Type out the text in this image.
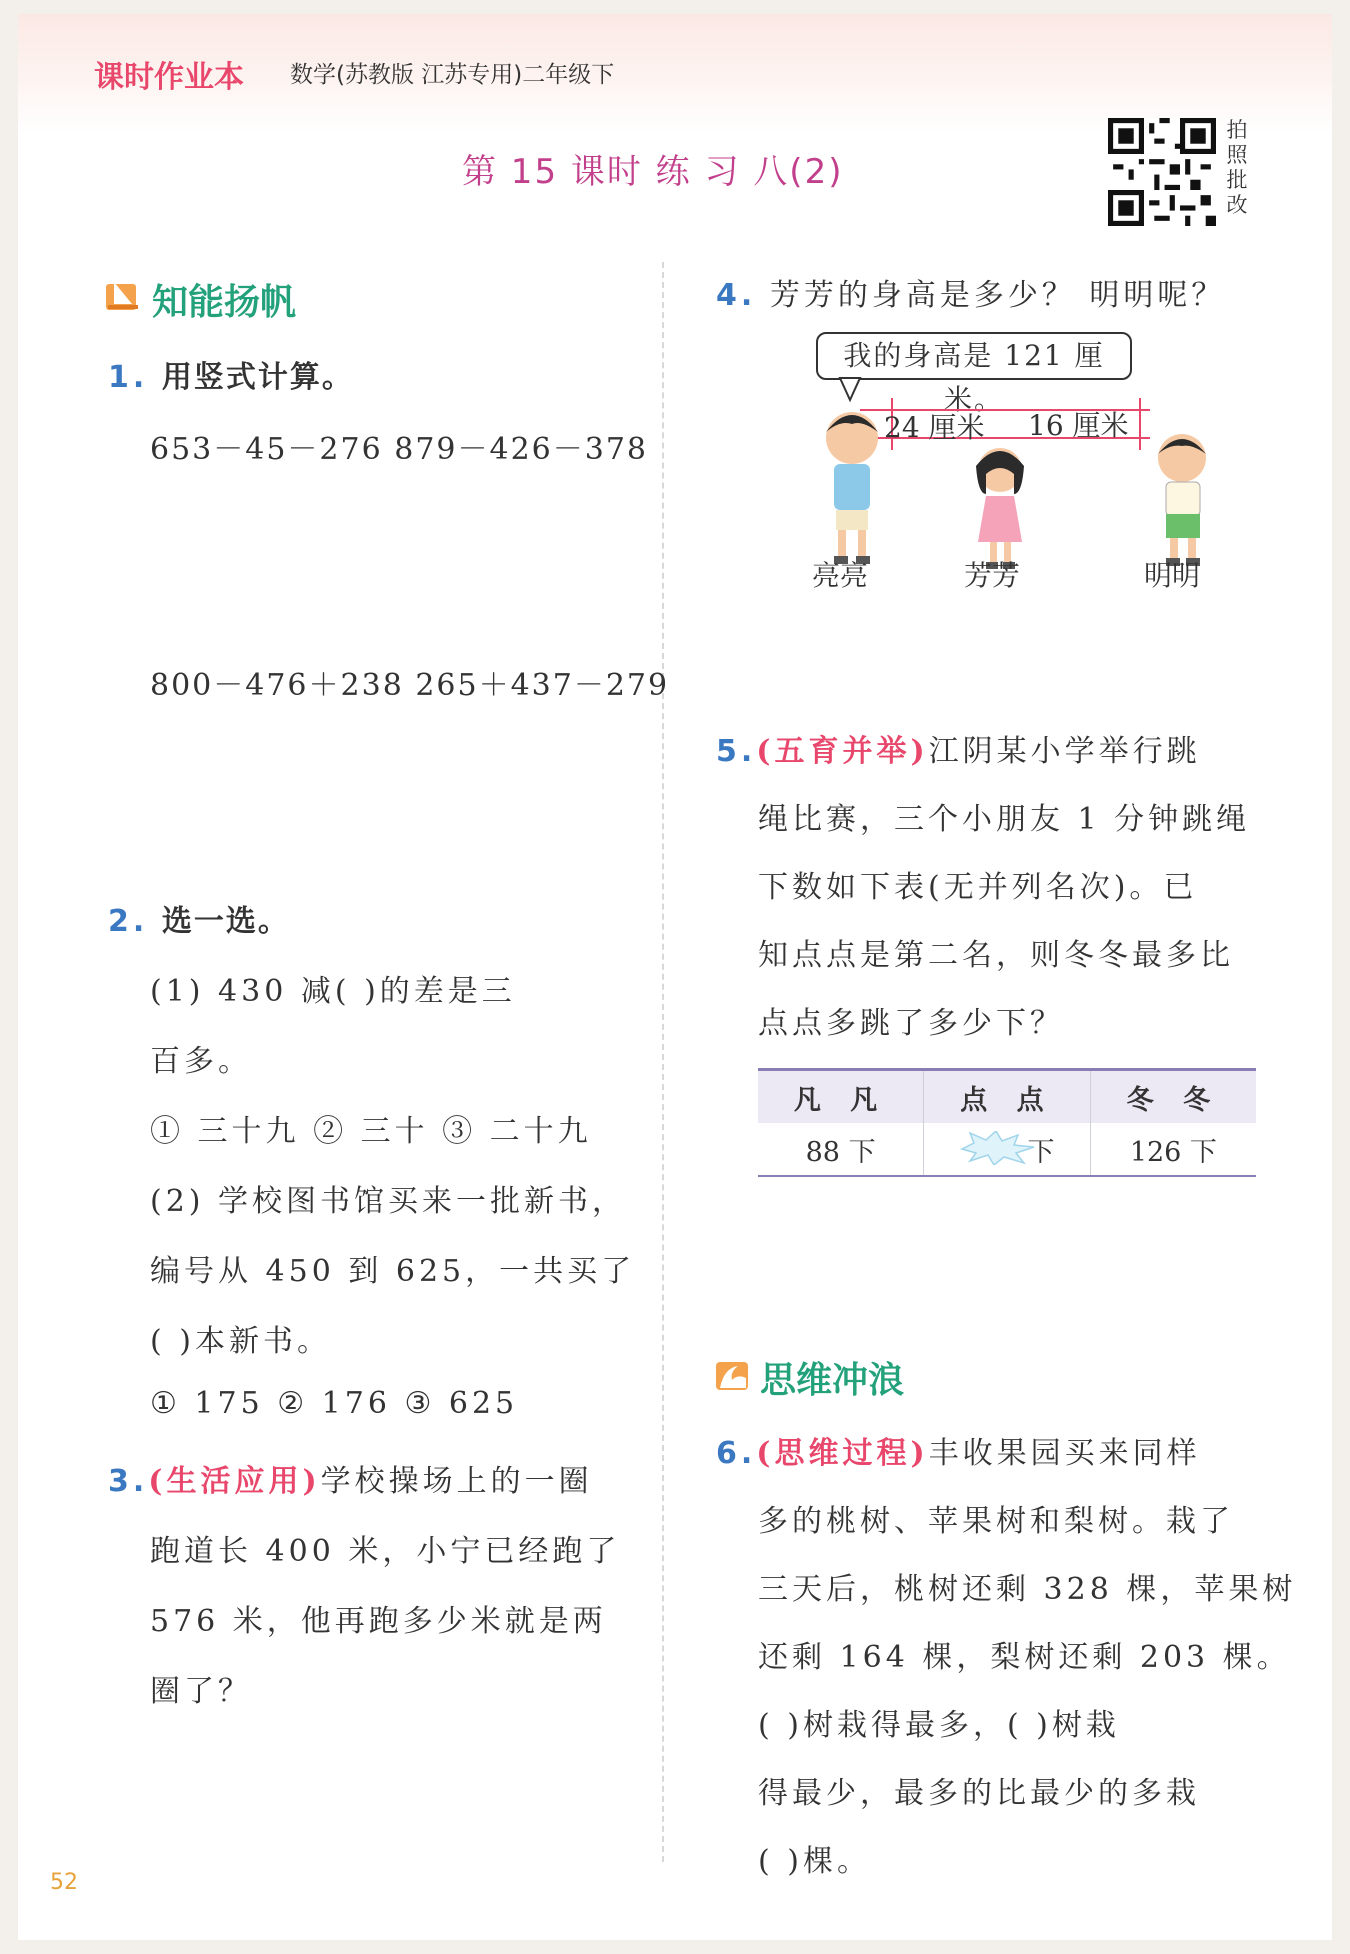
课时作业本 数学(苏教版 江苏专用)二年级下
第 15 课时 练 习 八(2)
拍
照
批
改
知能扬帆
1. 用竖式计算。
653－45－276 879－426－378
800－476＋238 265＋437－279
2. 选一选。
(1) 430 减( )的差是三
百多。
① 三十九 ② 三十 ③ 二十九
(2) 学校图书馆买来一批新书，
编号从 450 到 625，一共买了
( )本新书。
① 175 ② 176 ③ 625
3.(生活应用)学校操场上的一圈
跑道长 400 米，小宁已经跑了
576 米，他再跑多少米就是两
圈了？
4. 芳芳的身高是多少？ 明明呢？
我的身高是 121 厘米。
24 厘米 16 厘米
亮亮	芳芳	明明
5.(五育并举)江阴某小学举行跳
绳比赛，三个小朋友 1 分钟跳绳
下数如下表(无并列名次)。已
知点点是第二名，则冬冬最多比
点点多跳了多少下？
凡 凡	点 点	冬 冬
88 下	下	126 下
思维冲浪
6.(思维过程)丰收果园买来同样
多的桃树、苹果树和梨树。栽了
三天后，桃树还剩 328 棵，苹果树
还剩 164 棵，梨树还剩 203 棵。
( )树栽得最多，( )树栽
得最少，最多的比最少的多栽
( )棵。
52
